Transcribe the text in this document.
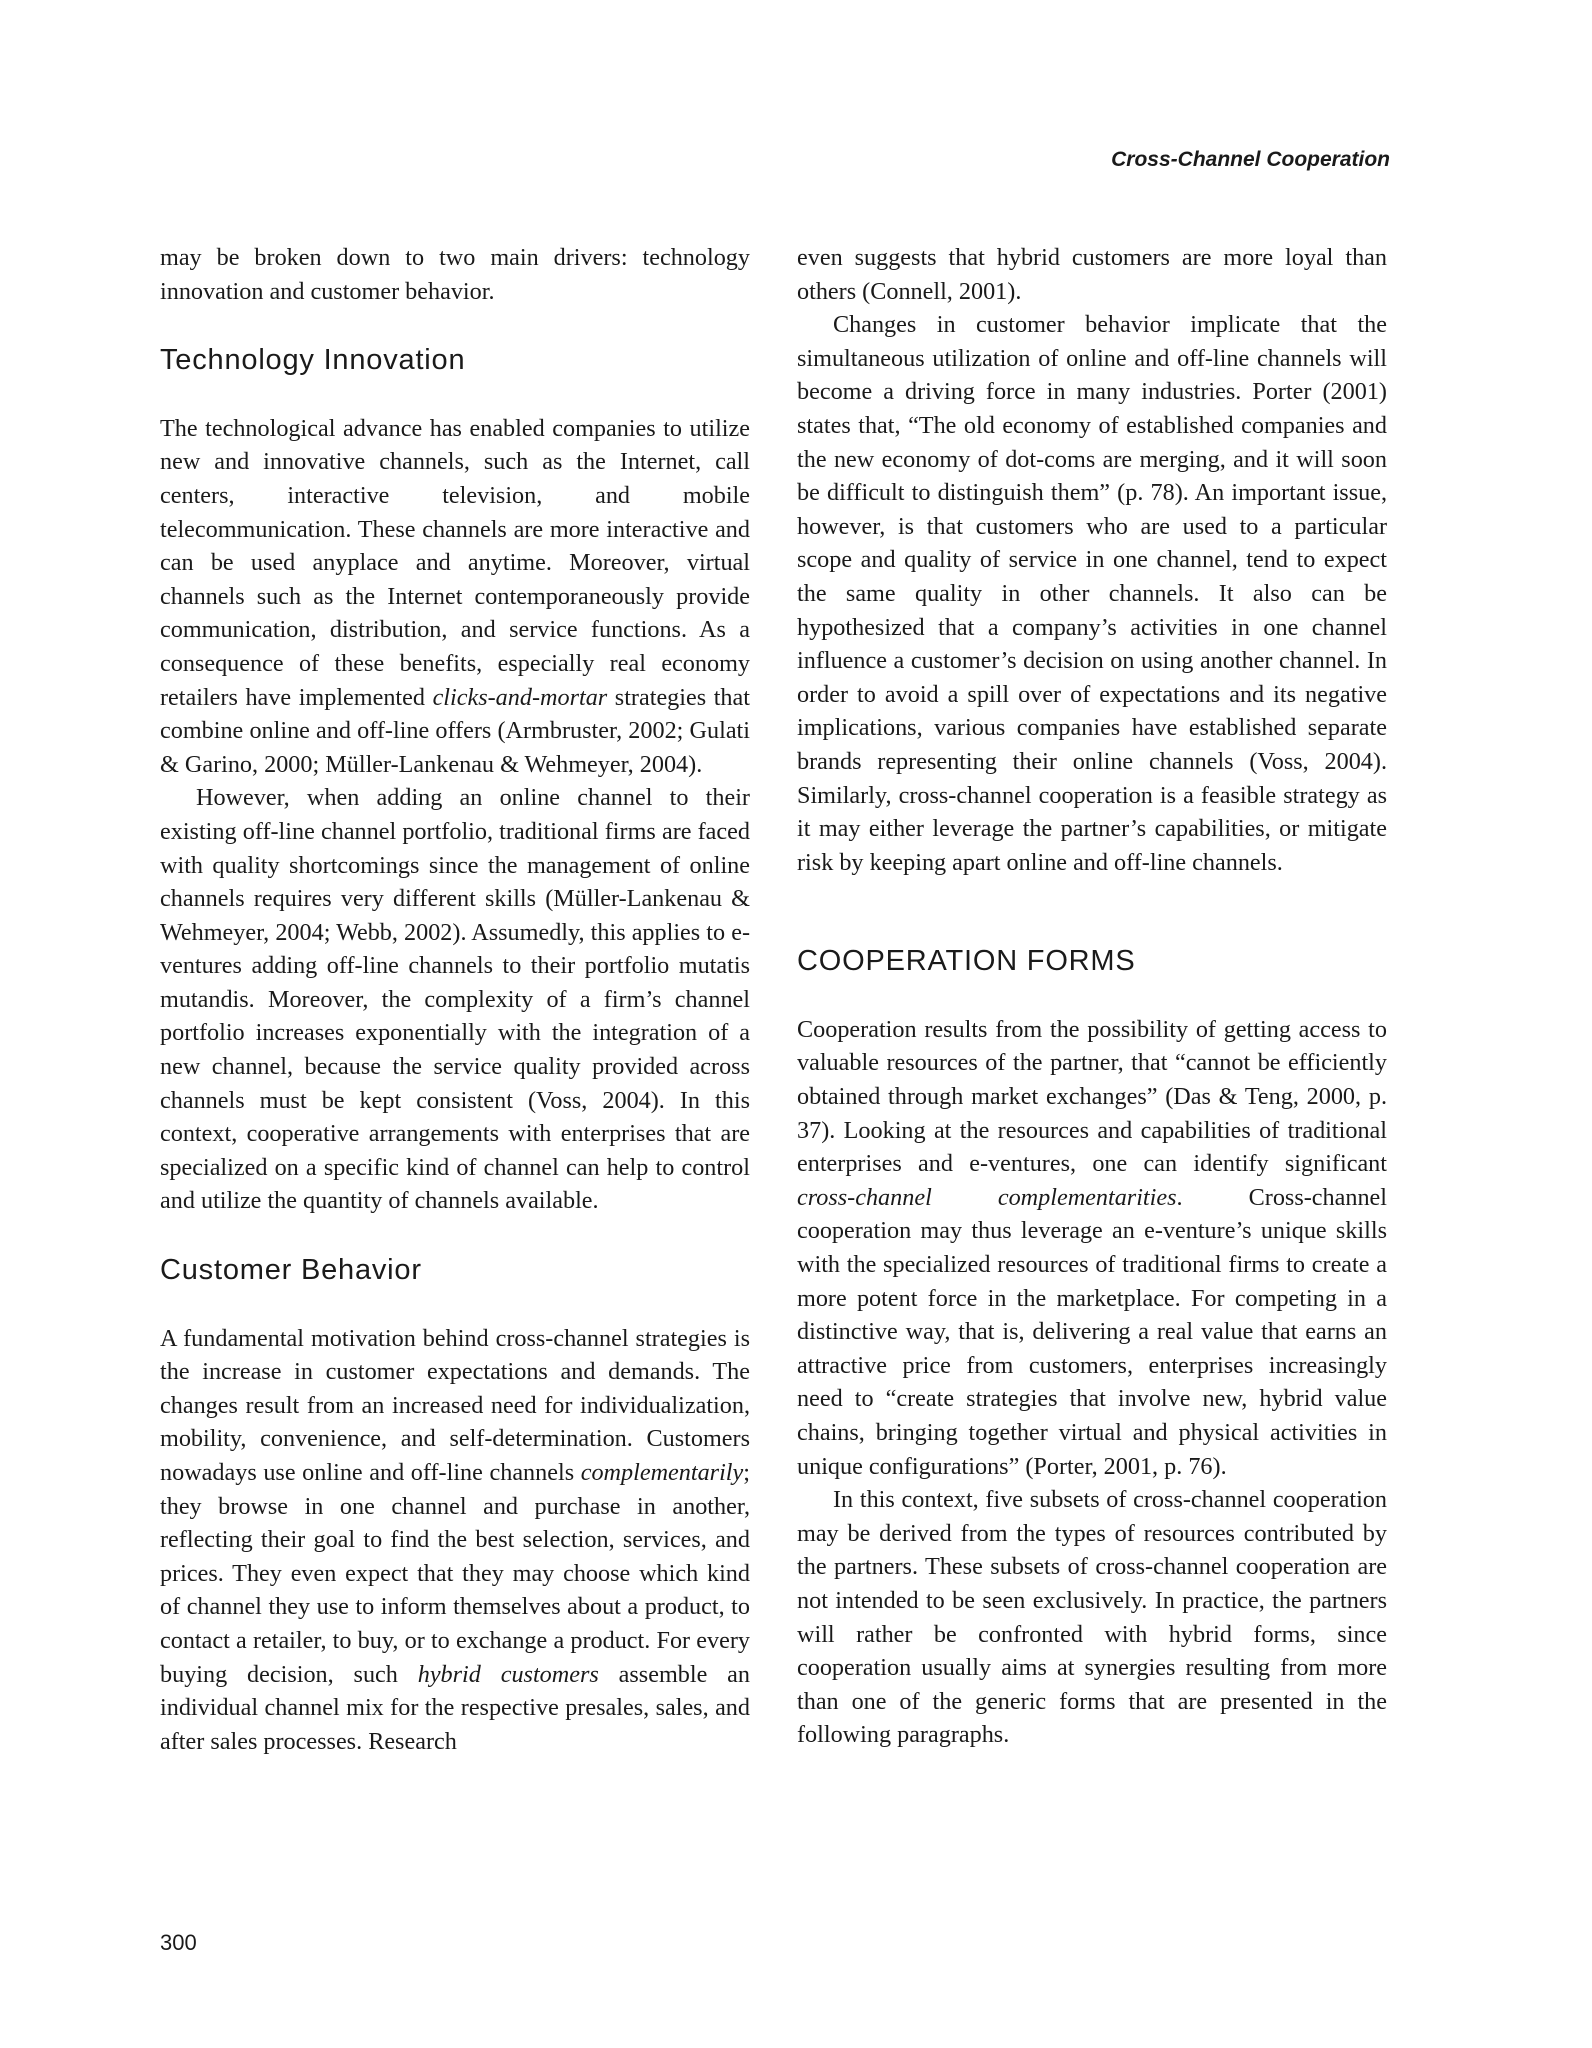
Cross-Channel Cooperation

may be broken down to two main drivers: technology innovation and customer behavior.

Technology Innovation

The technological advance has enabled companies to utilize new and innovative channels, such as the Internet, call centers, interactive television, and mobile telecommunication. These channels are more interactive and can be used anyplace and anytime. Moreover, virtual channels such as the Internet contemporaneously provide communication, distribution, and service functions. As a consequence of these benefits, especially real economy retailers have implemented clicks-and-mortar strategies that combine online and off-line offers (Armbruster, 2002; Gulati & Garino, 2000; Müller-Lankenau & Wehmeyer, 2004).

However, when adding an online channel to their existing off-line channel portfolio, traditional firms are faced with quality shortcomings since the management of online channels requires very different skills (Müller-Lankenau & Wehmeyer, 2004; Webb, 2002). Assumedly, this applies to e-ventures adding off-line channels to their portfolio mutatis mutandis. Moreover, the complexity of a firm’s channel portfolio increases exponentially with the integration of a new channel, because the service quality provided across channels must be kept consistent (Voss, 2004). In this context, cooperative arrangements with enterprises that are specialized on a specific kind of channel can help to control and utilize the quantity of channels available.

Customer Behavior

A fundamental motivation behind cross-channel strategies is the increase in customer expectations and demands. The changes result from an increased need for individualization, mobility, convenience, and self-determination. Customers nowadays use online and off-line channels complementarily; they browse in one channel and purchase in another, reflecting their goal to find the best selection, services, and prices. They even expect that they may choose which kind of channel they use to inform themselves about a product, to contact a retailer, to buy, or to exchange a product. For every buying decision, such hybrid customers assemble an individual channel mix for the respective presales, sales, and after sales processes. Research

even suggests that hybrid customers are more loyal than others (Connell, 2001).

Changes in customer behavior implicate that the simultaneous utilization of online and off-line channels will become a driving force in many industries. Porter (2001) states that, “The old economy of established companies and the new economy of dot-coms are merging, and it will soon be difficult to distinguish them” (p. 78). An important issue, however, is that customers who are used to a particular scope and quality of service in one channel, tend to expect the same quality in other channels. It also can be hypothesized that a company’s activities in one channel influence a customer’s decision on using another channel. In order to avoid a spill over of expectations and its negative implications, various companies have established separate brands representing their online channels (Voss, 2004). Similarly, cross-channel cooperation is a feasible strategy as it may either leverage the partner’s capabilities, or mitigate risk by keeping apart online and off-line channels.

COOPERATION FORMS

Cooperation results from the possibility of getting access to valuable resources of the partner, that “cannot be efficiently obtained through market exchanges” (Das & Teng, 2000, p. 37). Looking at the resources and capabilities of traditional enterprises and e-ventures, one can identify significant cross-channel complementarities. Cross-channel cooperation may thus leverage an e-venture’s unique skills with the specialized resources of traditional firms to create a more potent force in the marketplace. For competing in a distinctive way, that is, delivering a real value that earns an attractive price from customers, enterprises increasingly need to “create strategies that involve new, hybrid value chains, bringing together virtual and physical activities in unique configurations” (Porter, 2001, p. 76).

In this context, five subsets of cross-channel cooperation may be derived from the types of resources contributed by the partners. These subsets of cross-channel cooperation are not intended to be seen exclusively. In practice, the partners will rather be confronted with hybrid forms, since cooperation usually aims at synergies resulting from more than one of the generic forms that are presented in the following paragraphs.

300
